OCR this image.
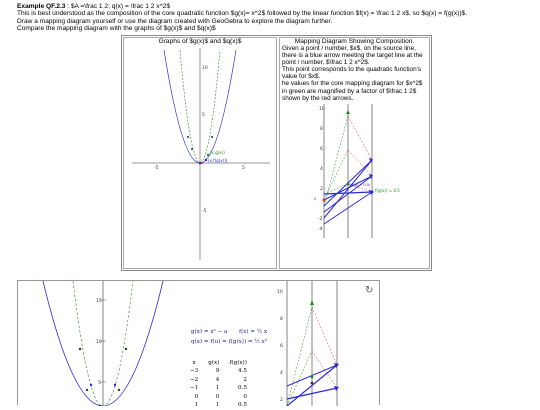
Example QF.2.3 : $A =\frac 1 2; q(x) = \frac 1 2 x^2$
This is best understood as the composition of the core quadratic function $g(x)= x^2$ followed by the linear function $f(x) = \frac 1 2 x$, so $q(x) = f(g(x))$.
Draw a mapping diagram yourself or use the diagram created with GeoGebra to explore the diagram further.
Compare the mapping diagram with the graphs of $g(x)$ and $q(x)$
Graphs of $g(x)$ and $q(x)$
10
5
-5
-5	5
(x,g(x))
(x,f(g(x)))
Mapping Diagram Showing Composition.
Given a point / number, $x$, on the source line,
there is a blue arrow meeting the target line at the
point / number, $\frac 1 2 x^2$.
This point corresponds to the quadratic function's
value for $x$.
he values for the core mapping diagram for $x^2$
in green are magnified by a factor of $\frac 1 2$
shown by the red arrows.
10
8
6
4
2
-2
-4
x
f(g(x)) = 0.5
(x(x) = 0.5)
15
10
5
g(x) = x² − a f(x) = ½ x
q(x) = f(u) = f(g(x)) = ½ x²
10
8
6
4
2
↻
x	g(x)	f(g(x))
−3	9	4.5
−2	4	2
−1	1	0.5
0	0	0
1	1	0.5
